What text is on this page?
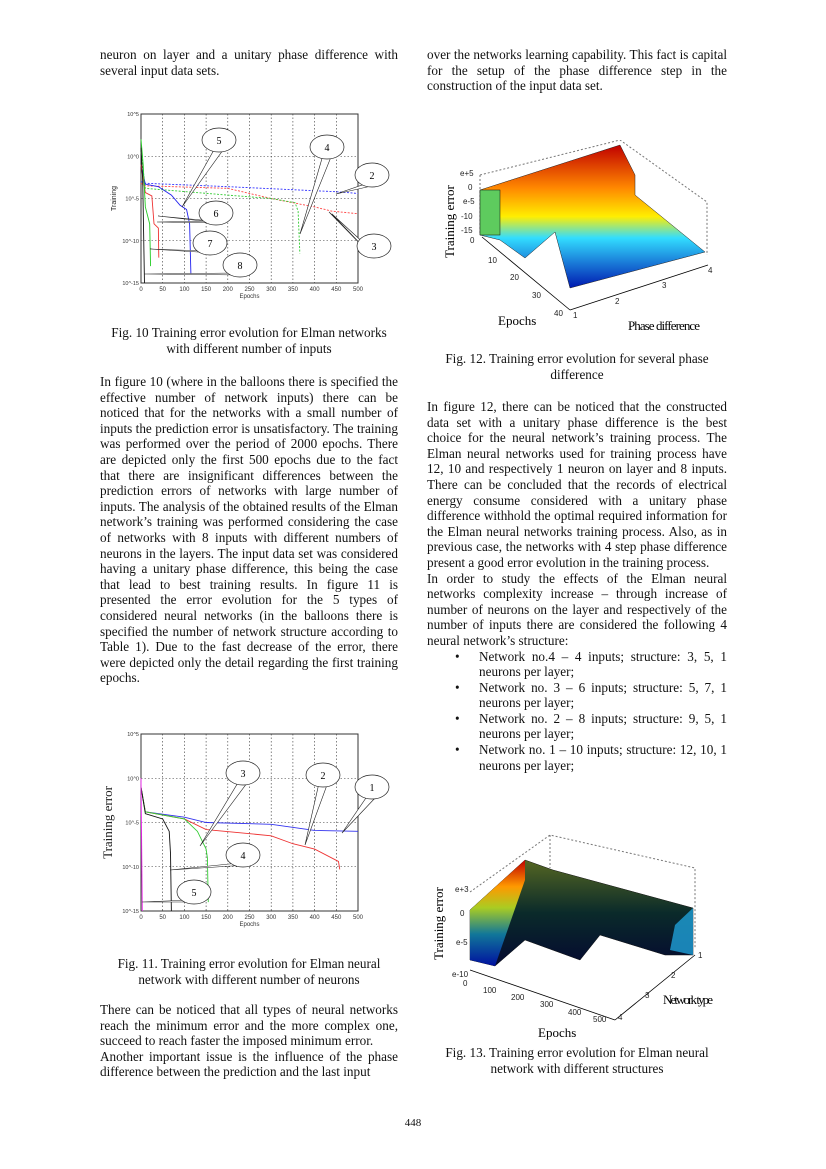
neuron on layer and a unitary phase difference with several input data sets.

0	50 100 150 200 250 300 350 400 450 500
10^5
10^0
10^-5
10^-10
10^-15
Epochs
Training
2
3
4
5
6
7
8
Fig. 10 Training error evolution for Elman networks with different number of inputs

In figure 10 (where in the balloons there is specified the effective number of network inputs) there can be noticed that for the networks with a small number of inputs the prediction error is unsatisfactory. The training was performed over the period of 2000 epochs. There are depicted only the first 500 epochs due to the fact that there are insignificant differences between the prediction errors of networks with large number of inputs. The analysis of the obtained results of the Elman network’s training was performed considering the case of networks with 8 inputs with different numbers of neurons in the layers. The input data set was considered having a unitary phase difference, this being the case that lead to best training results. In figure 11 is presented the error evolution for the 5 types of considered neural networks (in the balloons there is specified the number of network structure according to Table 1). Due to the fast decrease of the error, there were depicted only the detail regarding the first training epochs.

0	50 100 150 200 250 300 350 400 450 500
10^5
10^0
10^-5
10^-10
10^-15
Epochs
Training error	1
2
3
4
5
Fig. 11. Training error evolution for Elman neural network with different number of neurons

There can be noticed that all types of neural networks reach the minimum error and the more complex one, succeed to reach faster the imposed minimum error.

Another important issue is the influence of the phase difference between the prediction and the last input

over the networks learning capability. This fact is capital for the setup of the phase difference step in the construction of the input data set.

e+5
0
e-5
-10
-15
0
10
20
30
40 1
2
3
4
Training error
Epochs	Phase difference
Fig. 12. Training error evolution for several phase difference

In figure 12, there can be noticed that the constructed data set with a unitary phase difference is the best choice for the neural network’s training process. The Elman neural networks used for training process have 12, 10 and respectively 1 neuron on layer and 8 inputs. There can be concluded that the records of electrical energy consume considered with a unitary phase difference withhold the optimal required information for the Elman neural networks training process. Also, as in previous case, the networks with 4 step phase difference present a good error evolution in the training process.

In order to study the effects of the Elman neural networks complexity increase – through increase of number of neurons on the layer and respectively of the number of inputs there are considered the following 4 neural network’s structure:

• Network no.4 – 4 inputs; structure: 3, 5, 1 neurons per layer;
• Network no. 3 – 6 inputs; structure: 5, 7, 1 neurons per layer;
• Network no. 2 – 8 inputs; structure: 9, 5, 1 neurons per layer;
• Network no. 1 – 10 inputs; structure: 12, 10, 1 neurons per layer;
e+3
0
e-5
e-10
0
100
200
300
400
500
1
2
3
4
Training error
Epochs
Network type
Fig. 13. Training error evolution for Elman neural network with different structures
448
